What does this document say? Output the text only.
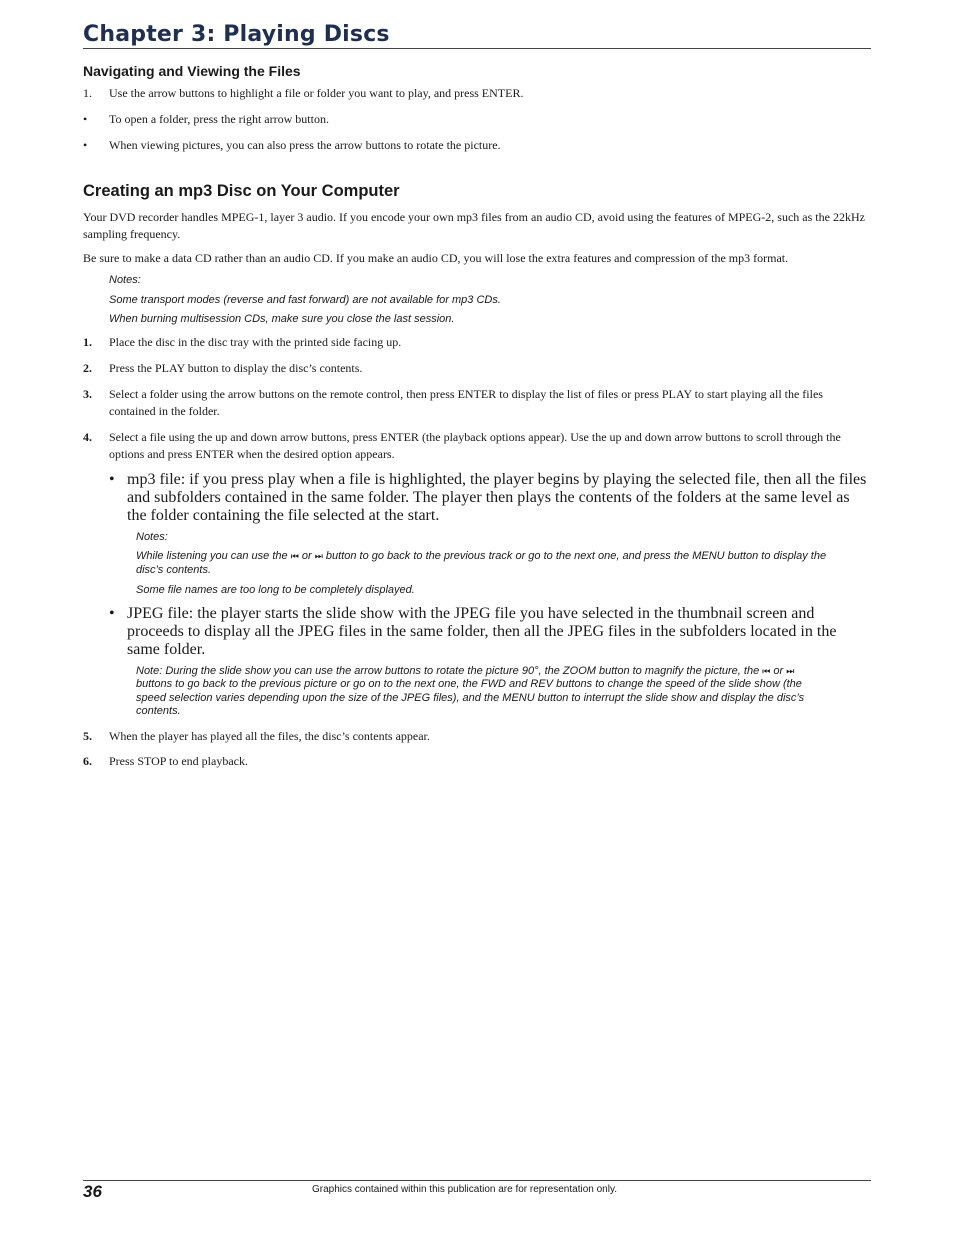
Chapter 3: Playing Discs
Navigating and Viewing the Files
1.	Use the arrow buttons to highlight a file or folder you want to play, and press ENTER.
•	To open a folder, press the right arrow button.
•	When viewing pictures, you can also press the arrow buttons to rotate the picture.
Creating an mp3 Disc on Your Computer

Your DVD recorder handles MPEG-1, layer 3 audio. If you encode your own mp3 files from an audio CD, avoid using the features of MPEG-2, such as the 22kHz sampling frequency.

Be sure to make a data CD rather than an audio CD. If you make an audio CD, you will lose the extra features and compression of the mp3 format.

Notes:

Some transport modes (reverse and fast forward) are not available for mp3 CDs.

When burning multisession CDs, make sure you close the last session.

1.	Place the disc in the disc tray with the printed side facing up.
2.	Press the PLAY button to display the disc’s contents.
3.	Select a folder using the arrow buttons on the remote control, then press ENTER to display the list of files or press PLAY to start playing all the files contained in the folder.
4.	Select a file using the up and down arrow buttons, press ENTER (the playback options appear). Use the up and down arrow buttons to scroll through the options and press ENTER when the desired option appears.
• mp3 file: if you press play when a file is highlighted, the player begins by playing the selected file, then all the files and subfolders contained in the same folder. The player then plays the contents of the folders at the same level as the folder containing the file selected at the start.

Notes:

While listening you can use the ⏮ or ⏭ button to go back to the previous track or go to the next one, and press the MENU button to display the disc’s contents.

Some file names are too long to be completely displayed.

• JPEG file: the player starts the slide show with the JPEG file you have selected in the thumbnail screen and proceeds to display all the JPEG files in the same folder, then all the JPEG files in the subfolders located in the same folder.

Note: During the slide show you can use the arrow buttons to rotate the picture 90°, the ZOOM button to magnify the picture, the ⏮ or ⏭ buttons to go back to the previous picture or go on to the next one, the FWD and REV buttons to change the speed of the slide show (the speed selection varies depending upon the size of the JPEG files), and the MENU button to interrupt the slide show and display the disc’s contents.

5.	When the player has played all the files, the disc’s contents appear.
6.	Press STOP to end playback.
36	Graphics contained within this publication are for representation only.
